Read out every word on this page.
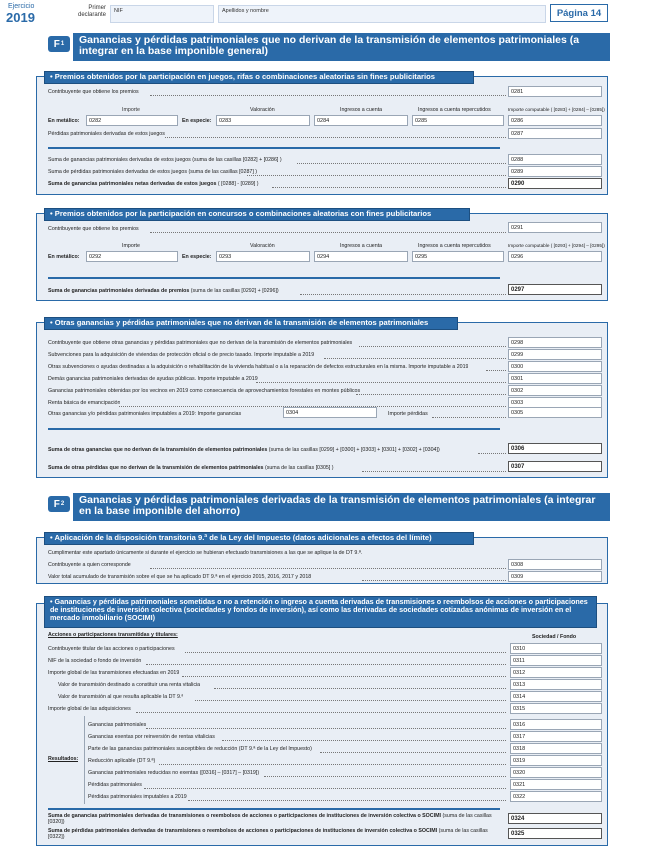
Ejercicio
2019
Primer declarante
NIF	Apellidos y nombre	Página 14
F 1	Ganancias y pérdidas patrimoniales que no derivan de la transmisión de elementos patrimoniales (a integrar en la base imponible general)
• Premios obtenidos por la participación en juegos, rifas o combinaciones aleatorias sin fines publicitarios
Contribuyente que obtiene los premios	0281
Importe	Valoración	Ingresos a cuenta	Ingresos a cuenta repercutidos	Importe computable ( [0283] + [0284] – [0285])
En metálico:	0282	En especie:	0283	0284	0285	0286
Pérdidas patrimoniales derivadas de estos juegos	0287
Suma de ganancias patrimoniales derivadas de estos juegos (suma de las casillas [0282] + [0286] )	0288
Suma de pérdidas patrimoniales derivadas de estos juegos (suma de las casillas [0287] )	0289
Suma de ganancias patrimoniales netas derivadas de estos juegos ( [0288] - [0289] )	0290
• Premios obtenidos por la participación en concursos o combinaciones aleatorias con fines publicitarios
Contribuyente que obtiene los premios	0291
Importe	Valoración	Ingresos a cuenta	Ingresos a cuenta repercutidos	Importe computable ( [0293] + [0294] – [0295])
En metálico:	0292	En especie:	0293	0294	0295	0296
Suma de ganancias patrimoniales derivadas de premios (suma de las casillas [0292] + [0296])	0297
• Otras ganancias y pérdidas patrimoniales que no derivan de la transmisión de elementos patrimoniales
Contribuyente que obtiene otras ganancias y pérdidas patrimoniales que no derivan de la transmisión de elementos patrimoniales	0298
Subvenciones para la adquisición de viviendas de protección oficial o de precio tasado. Importe imputable a 2019	0299
Otras subvenciones o ayudas destinadas a la adquisición o rehabilitación de la vivienda habitual o a la reparación de defectos estructurales en la misma. Importe imputable a 2019	0300
Demás ganancias patrimoniales derivadas de ayudas públicas. Importe imputable a 2019	0301
Ganancias patrimoniales obtenidas por los vecinos en 2019 como consecuencia de aprovechamientos forestales en montes públicos	0302
Renta básica de emancipación	0303
Otras ganancias y/o pérdidas patrimoniales imputables a 2019: Importe ganancias	0304	Importe pérdidas	0305
Suma de otras ganancias que no derivan de la transmisión de elementos patrimoniales (suma de las casillas [0299] + [0300] + [0303] + [0301] + [0302] + [0304])	0306
Suma de otras pérdidas que no derivan de la transmisión de elementos patrimoniales (suma de las casillas [0305] )	0307
F 2	Ganancias y pérdidas patrimoniales derivadas de la transmisión de elementos patrimoniales (a integrar en la base imponible del ahorro)
• Aplicación de la disposición transitoria 9.ª de la Ley del Impuesto (datos adicionales a efectos del límite)
Cumplimentar este apartado únicamente si durante el ejercicio se hubieran efectuado transmisiones a las que se aplique la de DT 9.ª.
Contribuyente a quien corresponde	0308
Valor total acumulado de transmisión sobre el que se ha aplicado DT 9.ª en el ejercicio 2015, 2016, 2017 y 2018	0309
• Ganancias y pérdidas patrimoniales sometidas o no a retención o ingreso a cuenta derivadas de transmisiones o reembolsos de acciones o participaciones de instituciones de inversión colectiva (sociedades y fondos de inversión), así como las derivadas de sociedades cotizadas anónimas de inversión en el mercado inmobiliario (SOCIMI)
Acciones o participaciones transmitidas y titulares:	Sociedad / Fondo
Contribuyente titular de las acciones o participaciones	0310
NIF de la sociedad o fondo de inversión	0311
Importe global de las transmisiones efectuadas en 2019	0312
Valor de transmisión destinado a constituir una renta vitalicia	0313
Valor de transmisión al que resulta aplicable la DT 9.ª	0314
Importe global de las adquisiciones	0315
Resultados:
Ganancias patrimoniales	0316
Ganancias exentas por reinversión de rentas vitalicias	0317
Parte de las ganancias patrimoniales susceptibles de reducción (DT 9.ª de la Ley del Impuesto)	0318
Reducción aplicable (DT 9.ª)	0319
Ganancias patrimoniales reducidas no exentas ([0316] – [0317] – [0319])	0320
Pérdidas patrimoniales	0321
Pérdidas patrimoniales imputables a 2019	0322
Suma de ganancias patrimoniales derivadas de transmisiones o reembolsos de acciones o participaciones de instituciones de inversión colectiva o SOCIMI (suma de las casillas [0320])	0324
Suma de pérdidas patrimoniales derivadas de transmisiones o reembolsos de acciones o participaciones de instituciones de inversión colectiva o SOCIMI (suma de las casillas [0322])	0325
